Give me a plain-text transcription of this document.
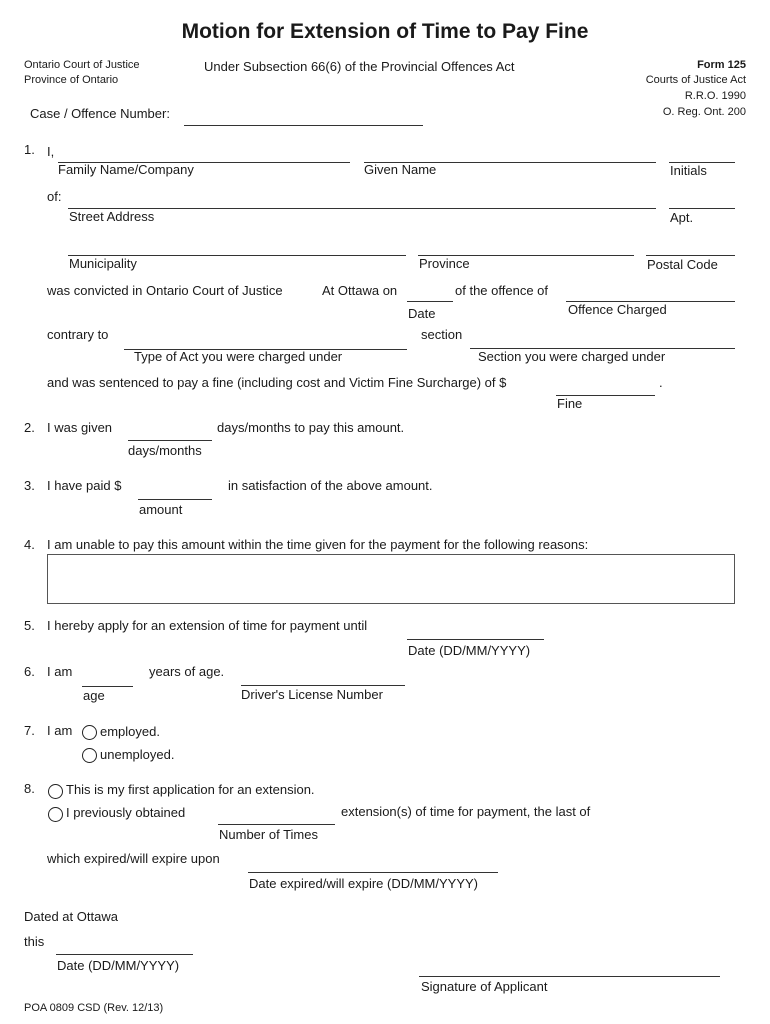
Motion for Extension of Time to Pay Fine
Ontario Court of Justice
Province of Ontario
Under Subsection 66(6) of the Provincial Offences Act	Form 125
Courts of Justice Act
R.R.O. 1990
O. Reg. Ont. 200
Case / Offence Number:
1. I,
Family Name/Company	Given Name	Initials
of:
Street Address	Apt.
Municipality	Province	Postal Code
was convicted in Ontario Court of Justice	At Ottawa on	of the offence of
Date	Offence Charged
contrary to	section
Type of Act you were charged under	Section you were charged under
and was sentenced to pay a fine (including cost and Victim Fine Surcharge) of $	.
Fine
2. I was given	days/months to pay this amount.
days/months
3. I have paid $	in satisfaction of the above amount.
amount
4. I am unable to pay this amount within the time given for the payment for the following reasons:
5. I hereby apply for an extension of time for payment until
Date (DD/MM/YYYY)
6. I am	years of age.
age	Driver's License Number
7. I am employed.
unemployed.
8. This is my first application for an extension.
I previously obtained	extension(s) of time for payment, the last of
Number of Times
which expired/will expire upon
Date expired/will expire (DD/MM/YYYY)
Dated at Ottawa
this
Date (DD/MM/YYYY)
Signature of Applicant
POA 0809 CSD (Rev. 12/13)
